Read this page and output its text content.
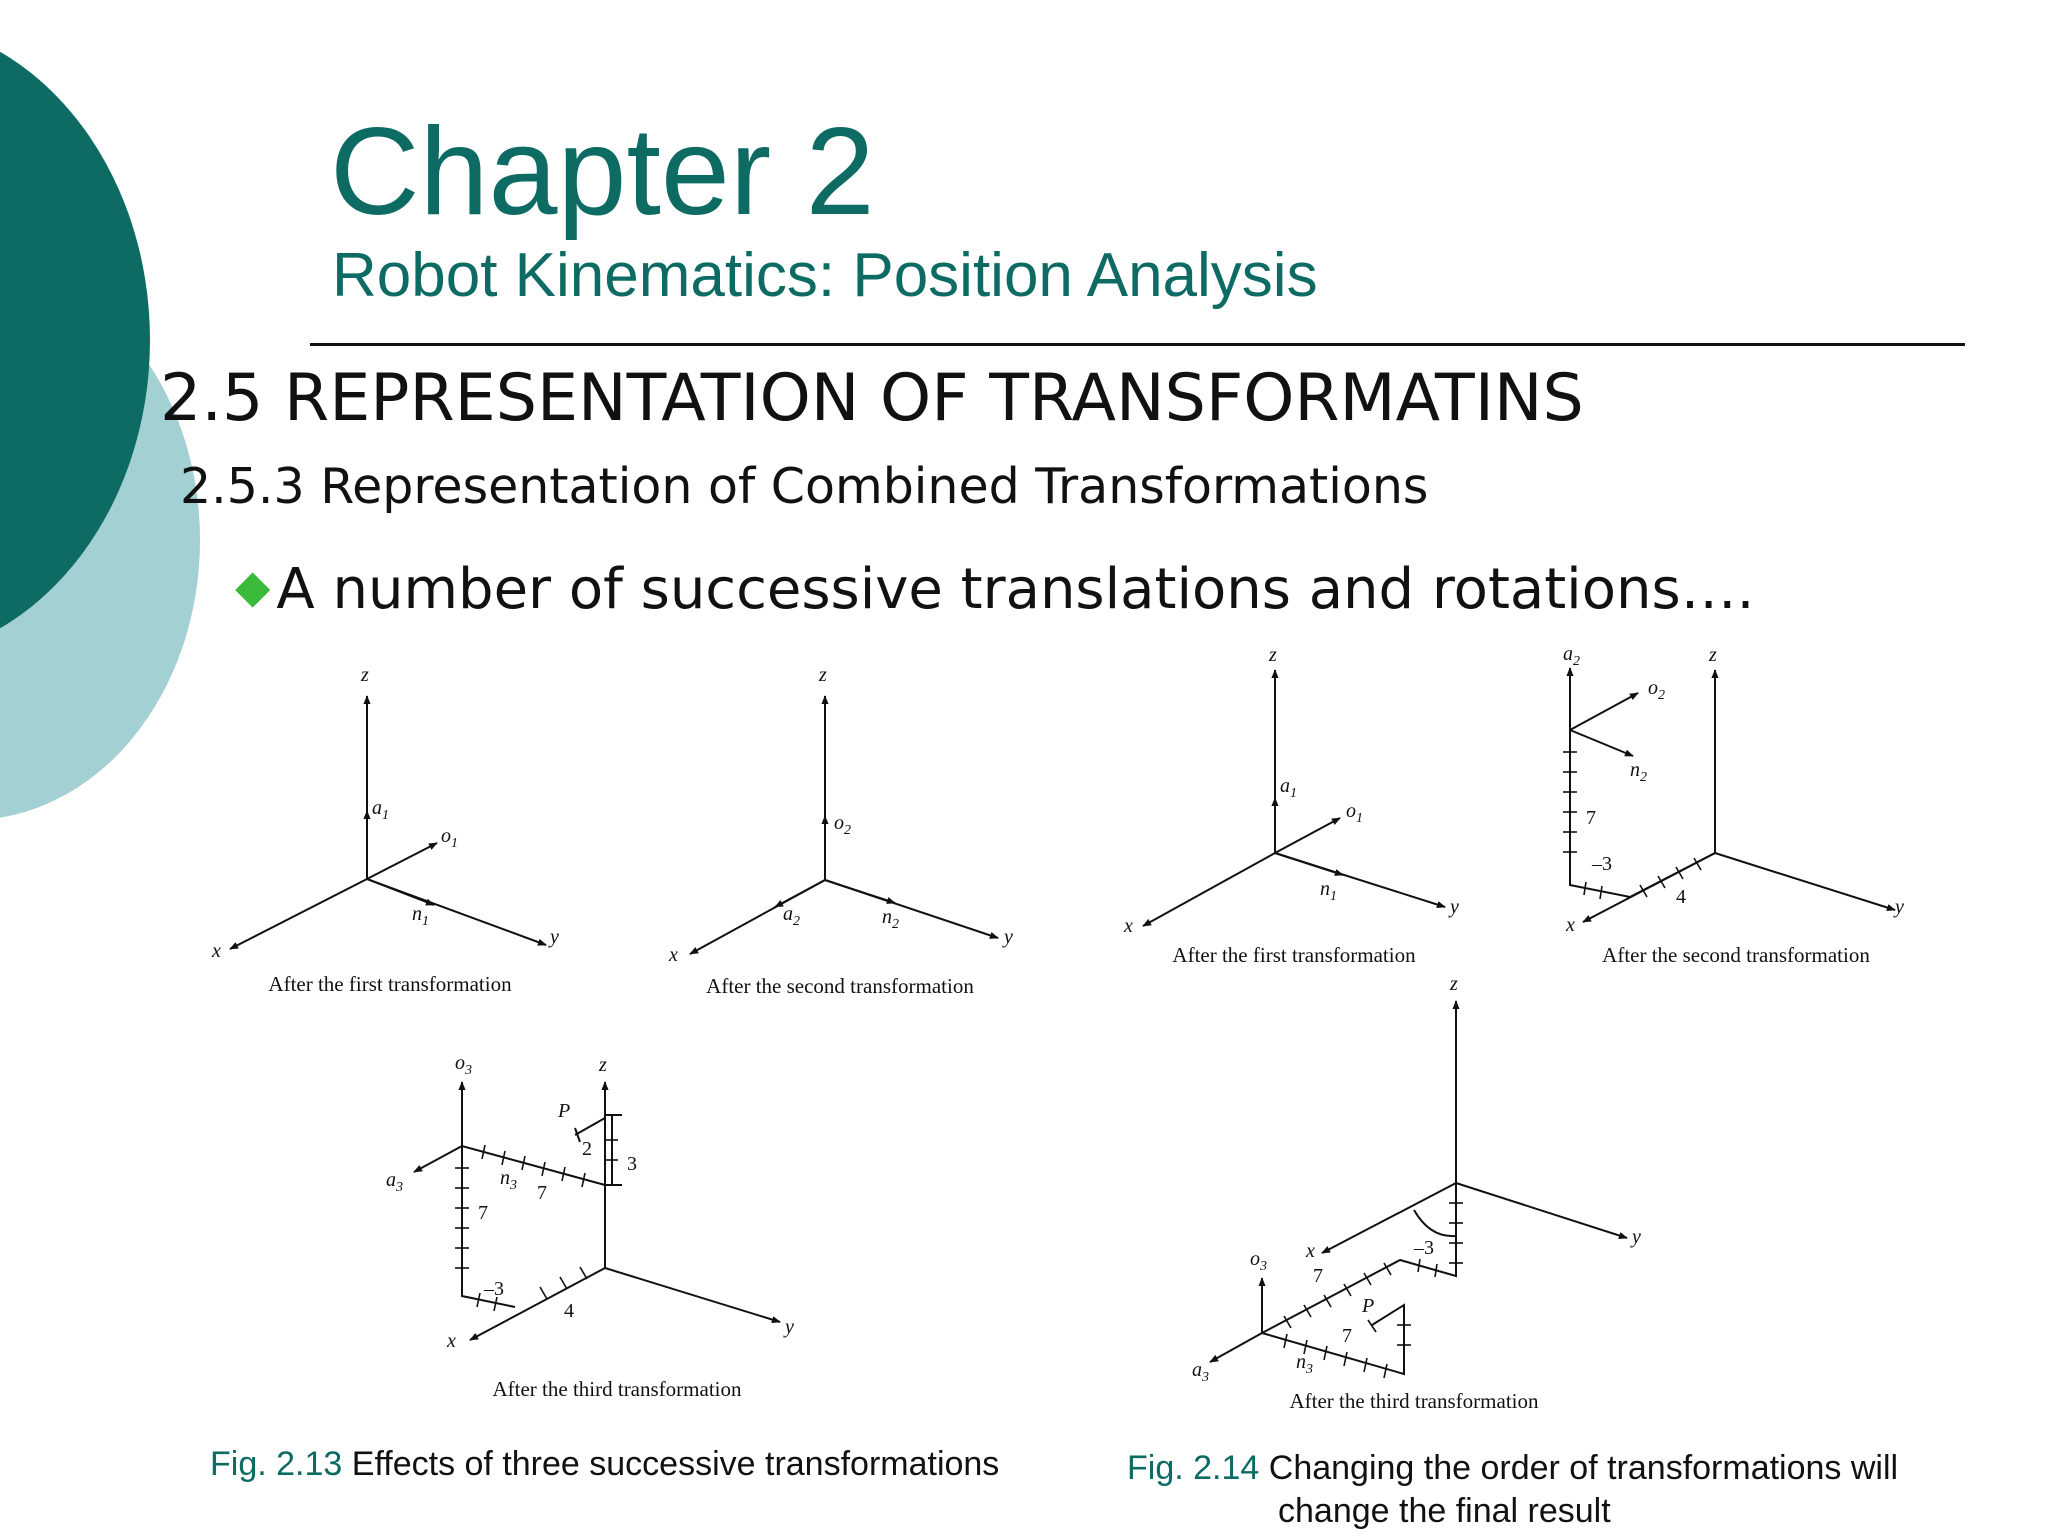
Chapter 2
Robot Kinematics: Position Analysis
2.5 REPRESENTATION OF TRANSFORMATINS
2.5.3 Representation of Combined Transformations
◆ A number of successive translations and rotations….
z
y
x
$a_1$
$o_1$
$n_1$
After the first transformation
z
y
x
$o_2$
$n_2$
$a_2$
After the second transformation
z
y
x
$o_3$
$a_3$	$n_3$
P
7
7
–3
4
2
3
After the third transformation
z
y
x
$a_1$
$o_1$
$n_1$
After the first transformation
z
y
x
$a_2$
$o_2$
$n_2$
7
–3
4
After the second transformation
z
y
x
$o_3$
$a_3$
$n_3$
P
–3
7
7
After the third transformation
Fig. 2.13 Effects of three successive transformations	Fig. 2.14 Changing the order of transformations will
change the final result
